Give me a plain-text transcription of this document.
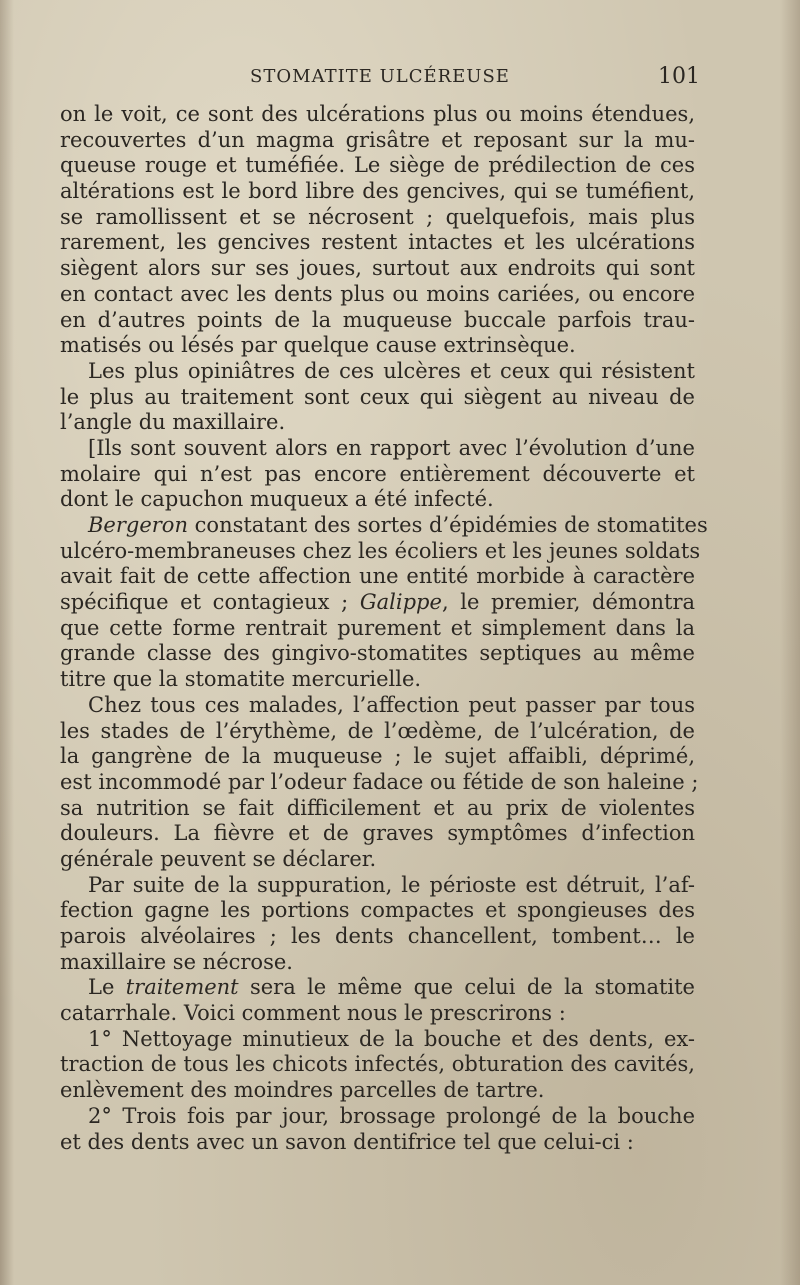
STOMATITE ULCÉREUSE	101
on le voit, ce sont des ulcérations plus ou moins étendues,
recouvertes d’un magma grisâtre et reposant sur la mu-
queuse rouge et tuméfiée. Le siège de prédilection de ces
altérations est le bord libre des gencives, qui se tuméfient,
se ramollissent et se nécrosent ; quelquefois, mais plus
rarement, les gencives restent intactes et les ulcérations
siègent alors sur ses joues, surtout aux endroits qui sont
en contact avec les dents plus ou moins cariées, ou encore
en d’autres points de la muqueuse buccale parfois trau-
matisés ou lésés par quelque cause extrinsèque.
Les plus opiniâtres de ces ulcères et ceux qui résistent
le plus au traitement sont ceux qui siègent au niveau de
l’angle du maxillaire.
[Ils sont souvent alors en rapport avec l’évolution d’une
molaire qui n’est pas encore entièrement découverte et
dont le capuchon muqueux a été infecté.
Bergeron constatant des sortes d’épidémies de stomatites
ulcéro-membraneuses chez les écoliers et les jeunes soldats
avait fait de cette affection une entité morbide à caractère
spécifique et contagieux ; Galippe, le premier, démontra
que cette forme rentrait purement et simplement dans la
grande classe des gingivo-stomatites septiques au même
titre que la stomatite mercurielle.
Chez tous ces malades, l’affection peut passer par tous
les stades de l’érythème, de l’œdème, de l’ulcération, de
la gangrène de la muqueuse ; le sujet affaibli, déprimé,
est incommodé par l’odeur fadace ou fétide de son haleine ;
sa nutrition se fait difficilement et au prix de violentes
douleurs. La fièvre et de graves symptômes d’infection
générale peuvent se déclarer.
Par suite de la suppuration, le périoste est détruit, l’af-
fection gagne les portions compactes et spongieuses des
parois alvéolaires ; les dents chancellent, tombent… le
maxillaire se nécrose.
Le traitement sera le même que celui de la stomatite
catarrhale. Voici comment nous le prescrirons :
1° Nettoyage minutieux de la bouche et des dents, ex-
traction de tous les chicots infectés, obturation des cavités,
enlèvement des moindres parcelles de tartre.
2° Trois fois par jour, brossage prolongé de la bouche
et des dents avec un savon dentifrice tel que celui-ci :
